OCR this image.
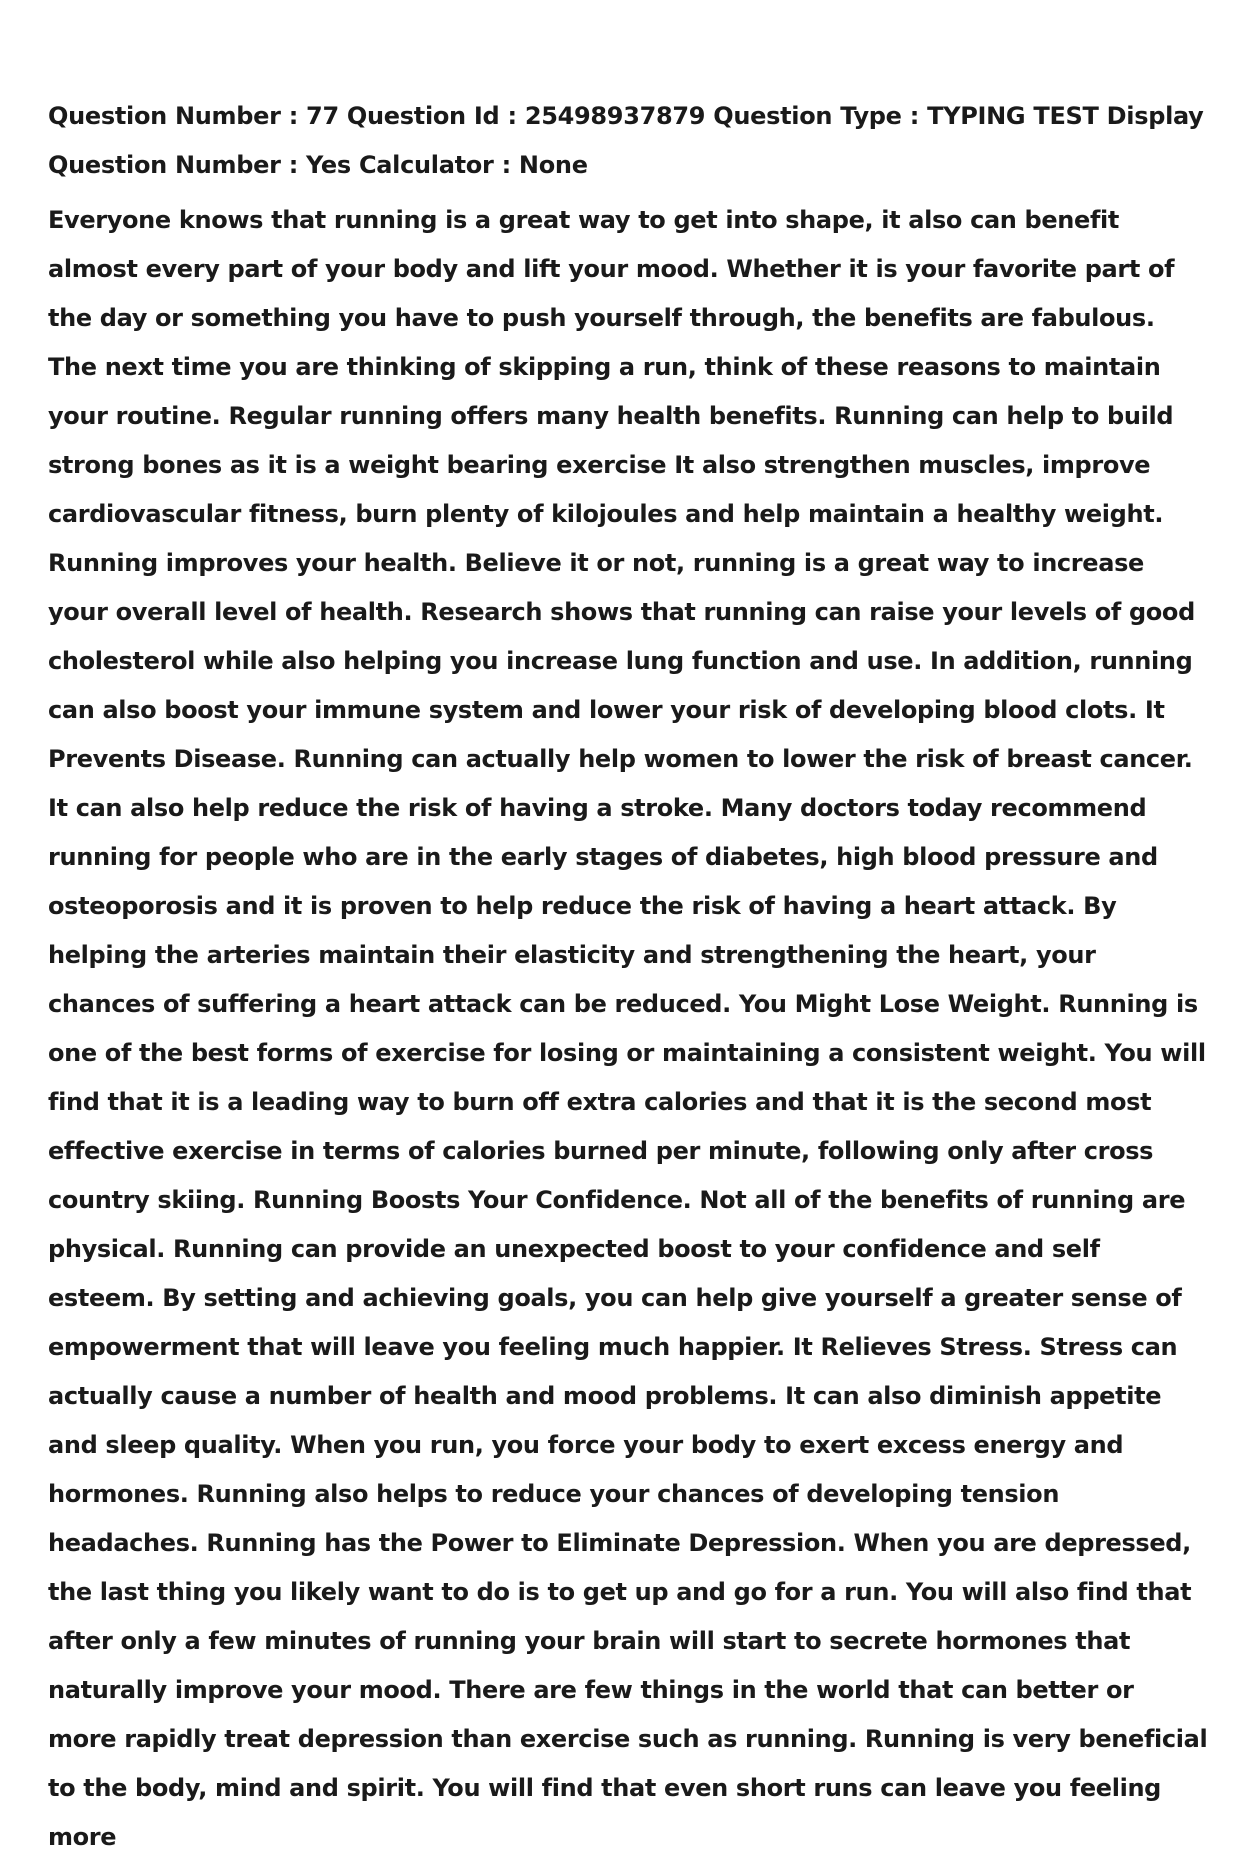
Question Number : 77 Question Id : 25498937879 Question Type : TYPING TEST Display Question Number : Yes Calculator : None

Everyone knows that running is a great way to get into shape, it also can benefit almost every part of your body and lift your mood. Whether it is your favorite part of the day or something you have to push yourself through, the benefits are fabulous. The next time you are thinking of skipping a run, think of these reasons to maintain your routine. Regular running offers many health benefits. Running can help to build strong bones as it is a weight bearing exercise It also strengthen muscles, improve cardiovascular fitness, burn plenty of kilojoules and help maintain a healthy weight. Running improves your health. Believe it or not, running is a great way to increase your overall level of health. Research shows that running can raise your levels of good cholesterol while also helping you increase lung function and use. In addition, running can also boost your immune system and lower your risk of developing blood clots. It Prevents Disease. Running can actually help women to lower the risk of breast cancer. It can also help reduce the risk of having a stroke. Many doctors today recommend running for people who are in the early stages of diabetes, high blood pressure and osteoporosis and it is proven to help reduce the risk of having a heart attack. By helping the arteries maintain their elasticity and strengthening the heart, your chances of suffering a heart attack can be reduced. You Might Lose Weight. Running is one of the best forms of exercise for losing or maintaining a consistent weight. You will find that it is a leading way to burn off extra calories and that it is the second most effective exercise in terms of calories burned per minute, following only after cross country skiing. Running Boosts Your Confidence. Not all of the benefits of running are physical. Running can provide an unexpected boost to your confidence and self esteem. By setting and achieving goals, you can help give yourself a greater sense of empowerment that will leave you feeling much happier. It Relieves Stress. Stress can actually cause a number of health and mood problems. It can also diminish appetite and sleep quality. When you run, you force your body to exert excess energy and hormones. Running also helps to reduce your chances of developing tension headaches. Running has the Power to Eliminate Depression. When you are depressed, the last thing you likely want to do is to get up and go for a run. You will also find that after only a few minutes of running your brain will start to secrete hormones that naturally improve your mood. There are few things in the world that can better or more rapidly treat depression than exercise such as running. Running is very beneficial to the body, mind and spirit. You will find that even short runs can leave you feeling more
